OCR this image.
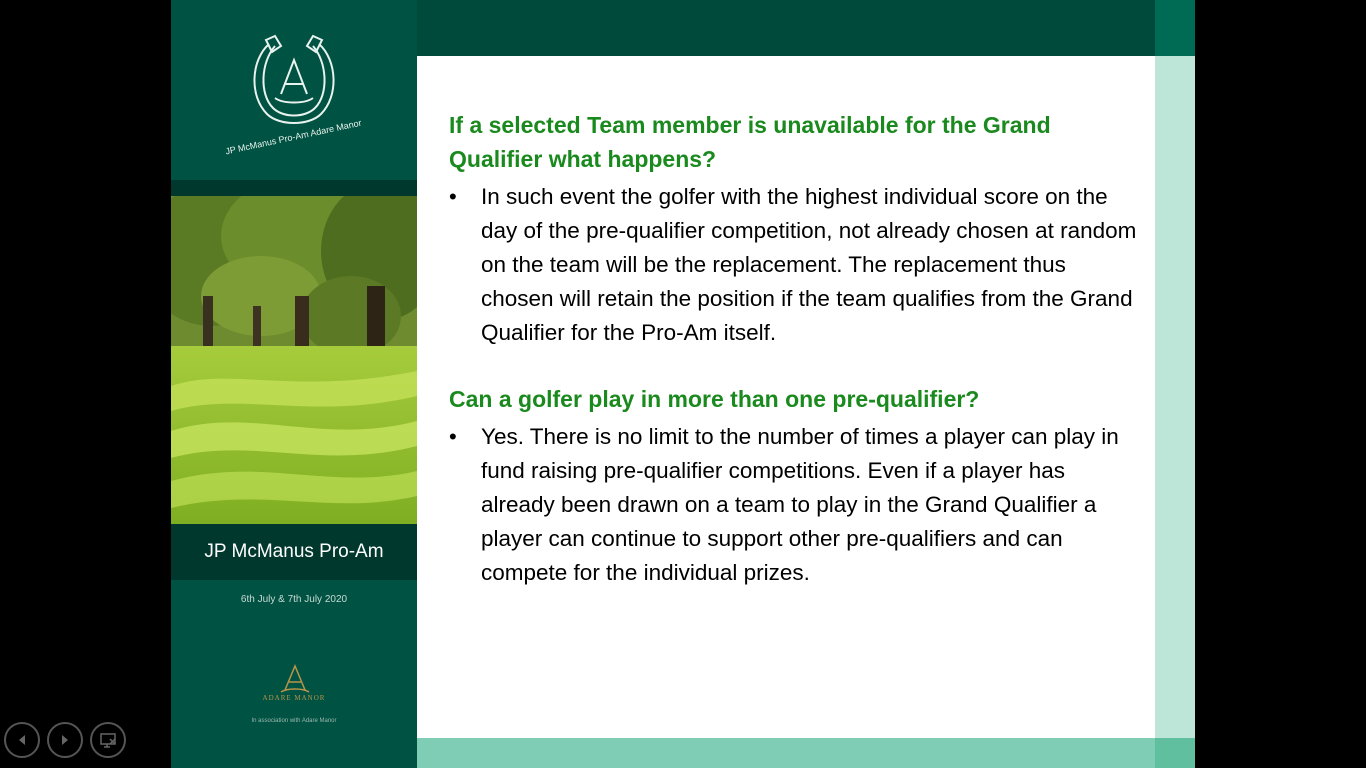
JP McManus Pro-Am Adare Manor
JP McManus Pro-Am
6th July & 7th July 2020
ADARE MANOR
In association with Adare Manor

If a selected Team member is unavailable for the Grand Qualifier what happens?

•	In such event the golfer with the highest individual score on the day of the pre-qualifier competition, not already chosen at random on the team will be the replacement. The replacement thus chosen will retain the position if the team qualifies from the Grand Qualifier for the Pro-Am itself.

Can a golfer play in more than one pre-qualifier?

•	Yes. There is no limit to the number of times a player can play in fund raising pre-qualifier competitions. Even if a player has already been drawn on a team to play in the Grand Qualifier a player can continue to support other pre-qualifiers and can compete for the individual prizes.
